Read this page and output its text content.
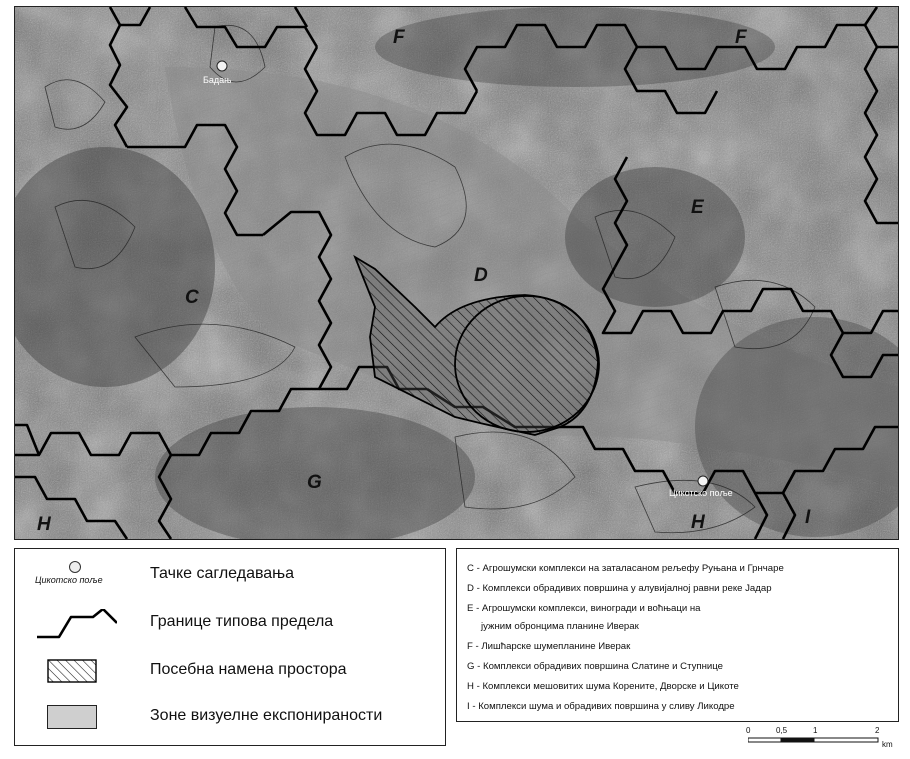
F	F
E
D
C
G
H	H	I
Бадањ
Цикотско поље
Цикотско поље	Тачке сагледавања
Границе типова предела
Посебна намена простора
Зоне визуелне експонираности
C - Агрошумски комплекси на заталасаном рељефу Руњана и Грнчаре
D - Комплекси обрадивих површина у алувијалној равни реке Јадар
Е - Агрошумски комплекси, виногради и воћњаци на
јужним обронцима планине Иверак
F - Лишћарске шумепланине Иверак
G - Комплекси обрадивих површина Слатине и Ступнице
H - Комплекси мешовитих шума Корените, Дворске и Цикоте
I - Комплекси шума и обрадивих површина у сливу Ликодре
0	0,5	1	2
km
